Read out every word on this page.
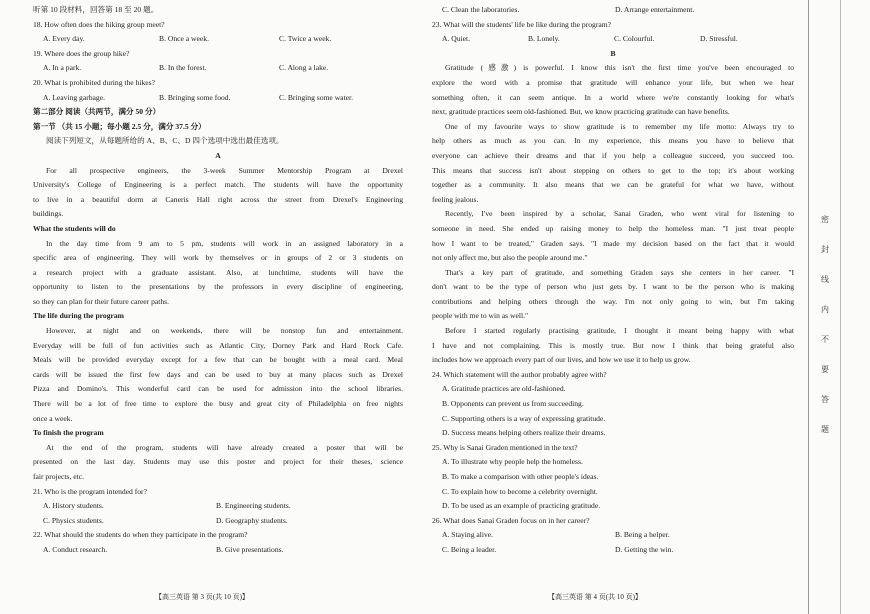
听第 10 段材料，回答第 18 至 20 题。
18. How often does the hiking group meet?
A. Every day.	B. Once a week.	C. Twice a week.
19. Where does the group hike?
A. In a park.	B. In the forest.	C. Along a lake.
20. What is prohibited during the hikes?
A. Leaving garbage.	B. Bringing some food.	C. Bringing some water.
第二部分 阅读（共两节，满分 50 分）
第一节 （共 15 小题；每小题 2.5 分，满分 37.5 分）
阅读下列短文，从每题所给的 A、B、C、D 四个选项中选出最佳选项。
A
For all prospective engineers, the 3-week Summer Mentorship Program at Drexel
University's College of Engineering is a perfect match. The students will have the opportunity
to live in a beautiful dorm at Caneris Hall right across the street from Drexel's Engineering
buildings.
What the students will do
In the day time from 9 am to 5 pm, students will work in an assigned laboratory in a
specific area of engineering. They will work by themselves or in groups of 2 or 3 students on
a research project with a graduate assistant. Also, at lunchtime, students will have the
opportunity to listen to the presentations by the professors in every discipline of engineering,
so they can plan for their future career paths.
The life during the program
However, at night and on weekends, there will be nonstop fun and entertainment.
Everyday will be full of fun activities such as Atlantic City, Dorney Park and Hard Rock Cafe.
Meals will be provided everyday except for a few that can be bought with a meal card. Meal
cards will be issued the first few days and can be used to buy at many places such as Drexel
Pizza and Domino's. This wonderful card can be used for admission into the school libraries.
There will be a lot of free time to explore the busy and great city of Philadelphia on free nights
once a week.
To finish the program
At the end of the program, students will have already created a poster that will be
presented on the last day. Students may use this poster and project for their theses, science
fair projects, etc.
21. Who is the program intended for?
A. History students.	B. Engineering students.
C. Physics students.	D. Geography students.
22. What should the students do when they participate in the program?
A. Conduct research.	B. Give presentations.
C. Clean the laboratories.	D. Arrange entertainment.
23. What will the students' life be like during the program?
A. Quiet.	B. Lonely.	C. Colourful.	D. Stressful.
B
Gratitude (感激) is powerful. I know this isn't the first time you've been encouraged to
explore the word with a promise that gratitude will enhance your life, but when we hear
something often, it can seem antique. In a world where we're constantly looking for what's
next, gratitude practices seem old-fashioned. But, we know practicing gratitude can have benefits.
One of my favourite ways to show gratitude is to remember my life motto: Always try to
help others as much as you can. In my experience, this means you have to believe that
everyone can achieve their dreams and that if you help a colleague succeed, you succeed too.
This means that success isn't about stepping on others to get to the top; it's about working
together as a community. It also means that we can be grateful for what we have, without
feeling jealous.
Recently, I've been inspired by a scholar, Sanai Graden, who went viral for listening to
someone in need. She ended up raising money to help the homeless man. "I just treat people
how I want to be treated," Graden says. "I made my decision based on the fact that it would
not only affect me, but also the people around me."
That's a key part of gratitude, and something Graden says she centers in her career. "I
don't want to be the type of person who just gets by. I want to be the person who is making
contributions and helping others through the way. I'm not only going to win, but I'm taking
people with me to win as well."
Before I started regularly practising gratitude, I thought it meant being happy with what
I have and not complaining. This is mostly true. But now I think that being grateful also
includes how we approach every part of our lives, and how we use it to help us grow.
24. Which statement will the author probably agree with?
A. Gratitude practices are old-fashioned.
B. Opponents can prevent us from succeeding.
C. Supporting others is a way of expressing gratitude.
D. Success means helping others realize their dreams.
25. Why is Sanai Graden mentioned in the text?
A. To illustrate why people help the homeless.
B. To make a comparison with other people's ideas.
C. To explain how to become a celebrity overnight.
D. To be used as an example of practicing gratitude.
26. What does Sanai Graden focus on in her career?
A. Staying alive.	B. Being a helper.
C. Being a leader.	D. Getting the win.
【高三英语 第 3 页(共 10 页)】	【高三英语 第 4 页(共 10 页)】
密
封
线
内
不
要
答
题
